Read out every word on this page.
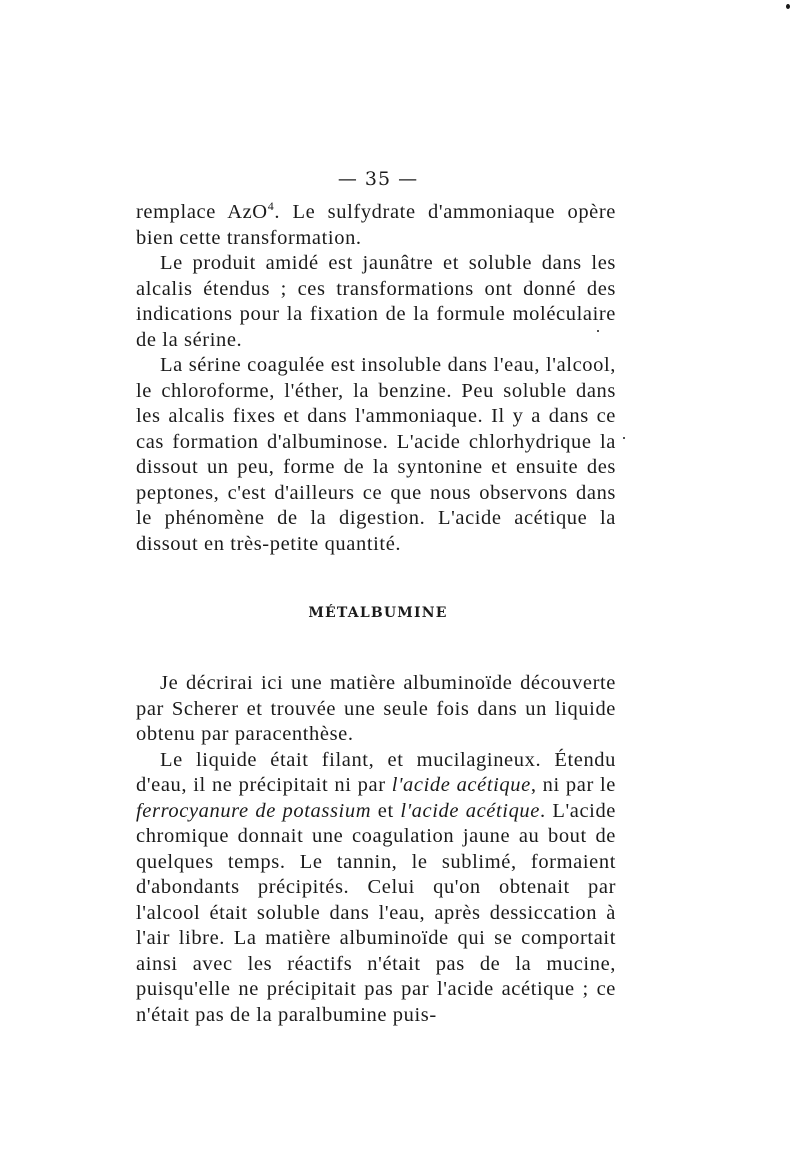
— 35 —

remplace AzO$^4$. Le sulfydrate d'ammoniaque opère bien cette transformation.

Le produit amidé est jaunâtre et soluble dans les alcalis étendus ; ces transformations ont donné des indications pour la fixation de la formule moléculaire de la sérine.

La sérine coagulée est insoluble dans l'eau, l'alcool, le chloroforme, l'éther, la benzine. Peu soluble dans les alcalis fixes et dans l'ammoniaque. Il y a dans ce cas formation d'albuminose. L'acide chlorhydrique la dissout un peu, forme de la syntonine et ensuite des peptones, c'est d'ailleurs ce que nous observons dans le phénomène de la digestion. L'acide acétique la dissout en très-petite quantité.

MÉTALBUMINE

Je décrirai ici une matière albuminoïde découverte par Scherer et trouvée une seule fois dans un liquide obtenu par paracenthèse.

Le liquide était filant, et mucilagineux. Étendu d'eau, il ne précipitait ni par l'acide acétique, ni par le ferrocyanure de potassium et l'acide acétique. L'acide chromique donnait une coagulation jaune au bout de quelques temps. Le tannin, le sublimé, formaient d'abondants précipités. Celui qu'on obtenait par l'alcool était soluble dans l'eau, après dessiccation à l'air libre. La matière albuminoïde qui se comportait ainsi avec les réactifs n'était pas de la mucine, puisqu'elle ne précipitait pas par l'acide acétique ; ce n'était pas de la paralbumine puis-
